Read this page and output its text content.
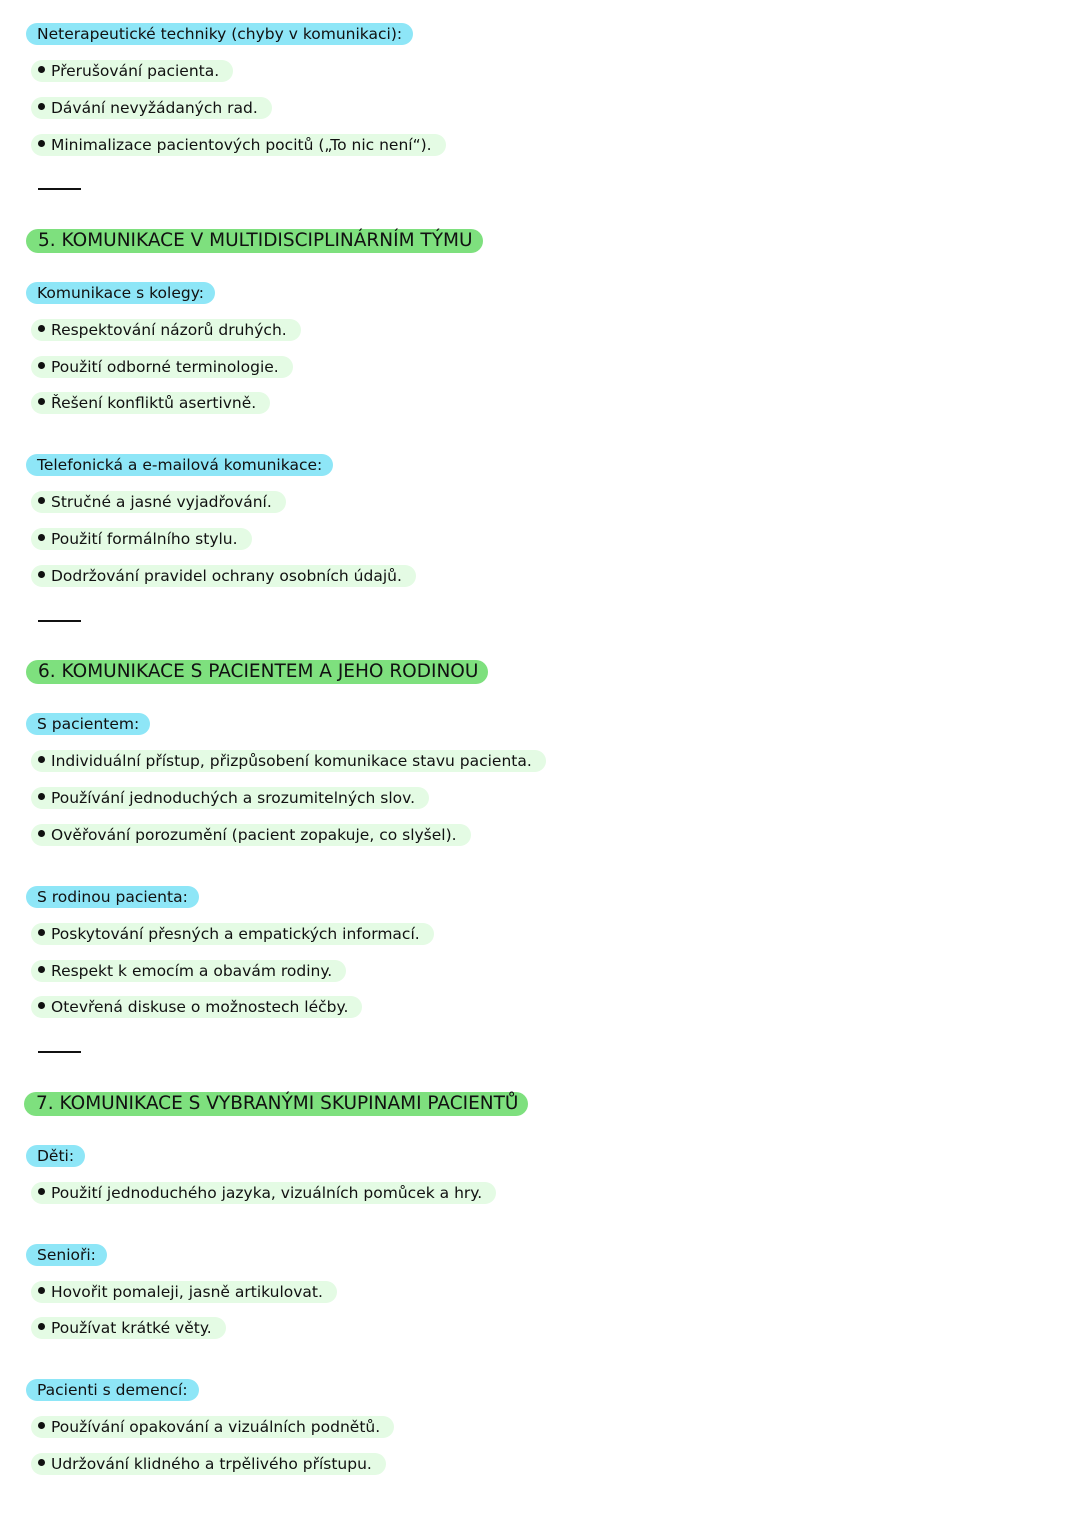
Neterapeutické techniky (chyby v komunikaci):
Přerušování pacienta.
Dávání nevyžádaných rad.
Minimalizace pacientových pocitů („To nic není“).
5. KOMUNIKACE V MULTIDISCIPLINÁRNÍM TÝMU
Komunikace s kolegy:
Respektování názorů druhých.
Použití odborné terminologie.
Řešení konfliktů asertivně.
Telefonická a e-mailová komunikace:
Stručné a jasné vyjadřování.
Použití formálního stylu.
Dodržování pravidel ochrany osobních údajů.
6. KOMUNIKACE S PACIENTEM A JEHO RODINOU
S pacientem:
Individuální přístup, přizpůsobení komunikace stavu pacienta.
Používání jednoduchých a srozumitelných slov.
Ověřování porozumění (pacient zopakuje, co slyšel).
S rodinou pacienta:
Poskytování přesných a empatických informací.
Respekt k emocím a obavám rodiny.
Otevřená diskuse o možnostech léčby.
7. KOMUNIKACE S VYBRANÝMI SKUPINAMI PACIENTŮ
Děti:
Použití jednoduchého jazyka, vizuálních pomůcek a hry.
Senioři:
Hovořit pomaleji, jasně artikulovat.
Používat krátké věty.
Pacienti s demencí:
Používání opakování a vizuálních podnětů.
Udržování klidného a trpělivého přístupu.
